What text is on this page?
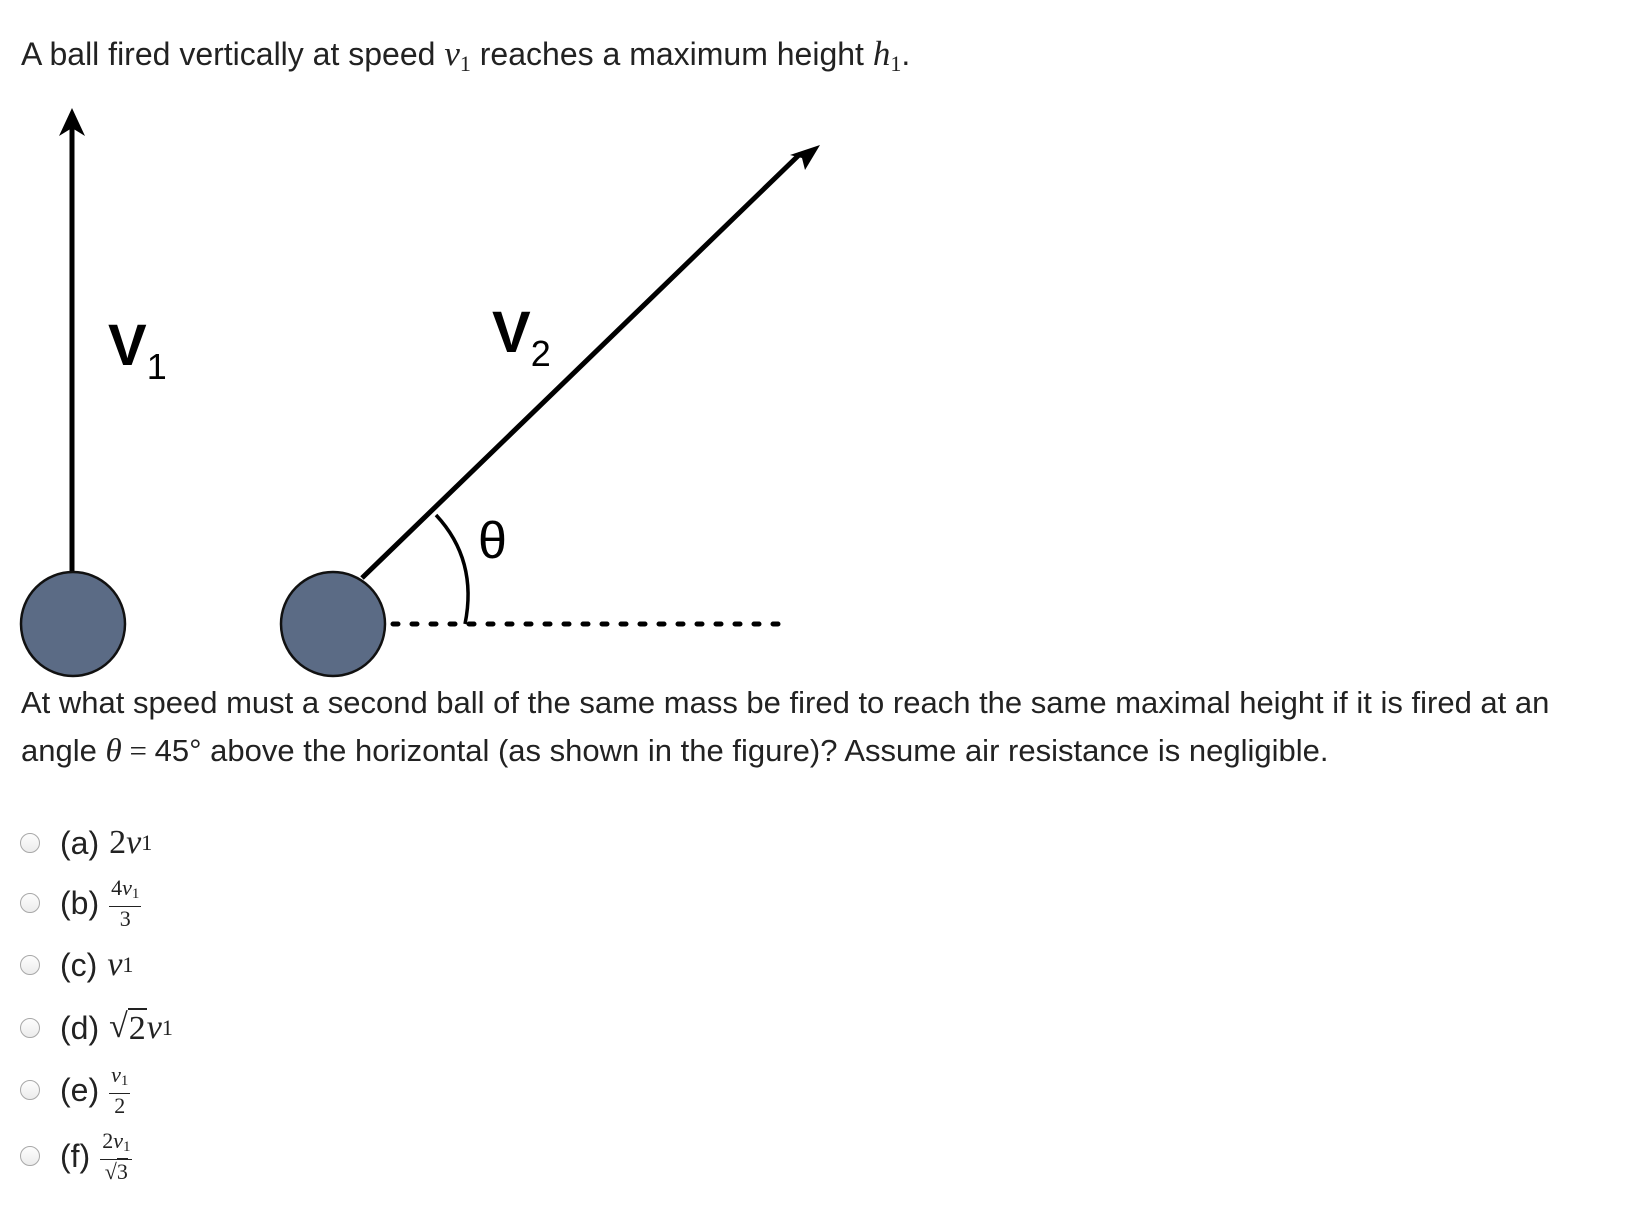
A ball fired vertically at speed $v_1$ reaches a maximum height $h_1$.
$V_1$
$V_2$
θ
At what speed must a second ball of the same mass be fired to reach the same maximal height if it is fired at an angle θ = 45° above the horizontal (as shown in the figure)? Assume air resistance is negligible.
(a) 2 v 1
$(b) \frac{4v_1}{3}$
(c) v 1
(d) √ 2 v 1
$(e) \frac{v_1}{2}$
$(f) \frac{2v_1}{√3}$
